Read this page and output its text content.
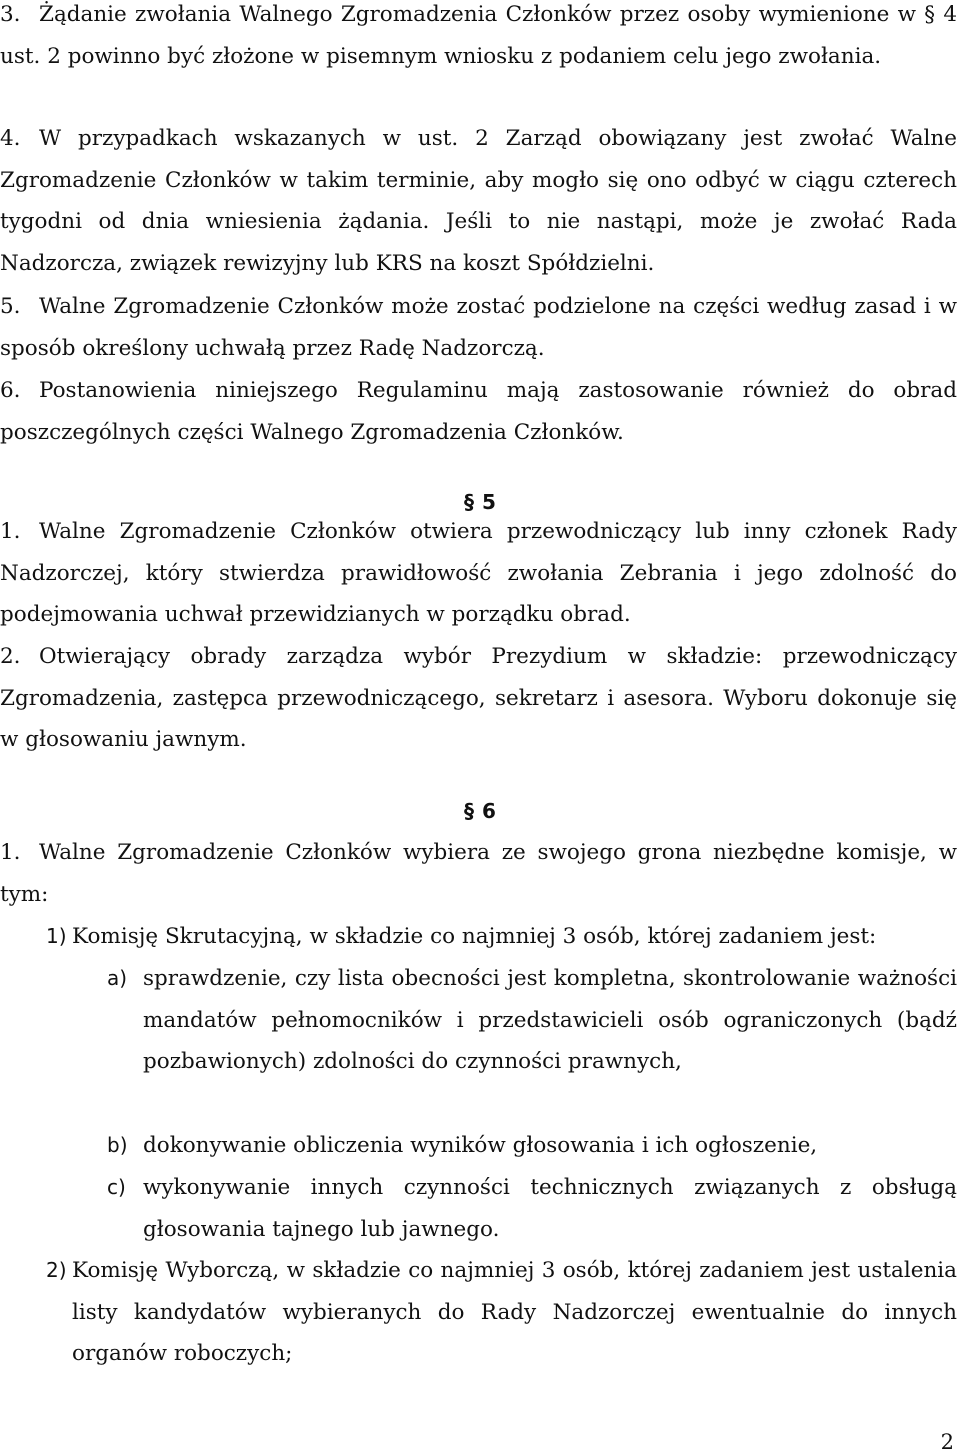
3. Żądanie zwołania Walnego Zgromadzenia Członków przez osoby wymienione w § 4 ust. 2 powinno być złożone w pisemnym wniosku z podaniem celu jego zwołania.
4. W przypadkach wskazanych w ust. 2 Zarząd obowiązany jest zwołać Walne Zgromadzenie Członków w takim terminie, aby mogło się ono odbyć w ciągu czterech tygodni od dnia wniesienia żądania. Jeśli to nie nastąpi, może je zwołać Rada Nadzorcza, związek rewizyjny lub KRS na koszt Spółdzielni.
5. Walne Zgromadzenie Członków może zostać podzielone na części według zasad i w sposób określony uchwałą przez Radę Nadzorczą.
6. Postanowienia niniejszego Regulaminu mają zastosowanie również do obrad poszczególnych części Walnego Zgromadzenia Członków.
§ 5
1. Walne Zgromadzenie Członków otwiera przewodniczący lub inny członek Rady Nadzorczej, który stwierdza prawidłowość zwołania Zebrania i jego zdolność do podejmowania uchwał przewidzianych w porządku obrad.
2. Otwierający obrady zarządza wybór Prezydium w składzie: przewodniczący Zgromadzenia, zastępca przewodniczącego, sekretarz i asesora. Wyboru dokonuje się w głosowaniu jawnym.
§ 6
1. Walne Zgromadzenie Członków wybiera ze swojego grona niezbędne komisje, w tym:
1) Komisję Skrutacyjną, w składzie co najmniej 3 osób, której zadaniem jest:
a) sprawdzenie, czy lista obecności jest kompletna, skontrolowanie ważności mandatów pełnomocników i przedstawicieli osób ograniczonych (bądź pozbawionych) zdolności do czynności prawnych,
b) dokonywanie obliczenia wyników głosowania i ich ogłoszenie,
c) wykonywanie innych czynności technicznych związanych z obsługą głosowania tajnego lub jawnego.
2) Komisję Wyborczą, w składzie co najmniej 3 osób, której zadaniem jest ustalenia listy kandydatów wybieranych do Rady Nadzorczej ewentualnie do innych organów roboczych;
2
